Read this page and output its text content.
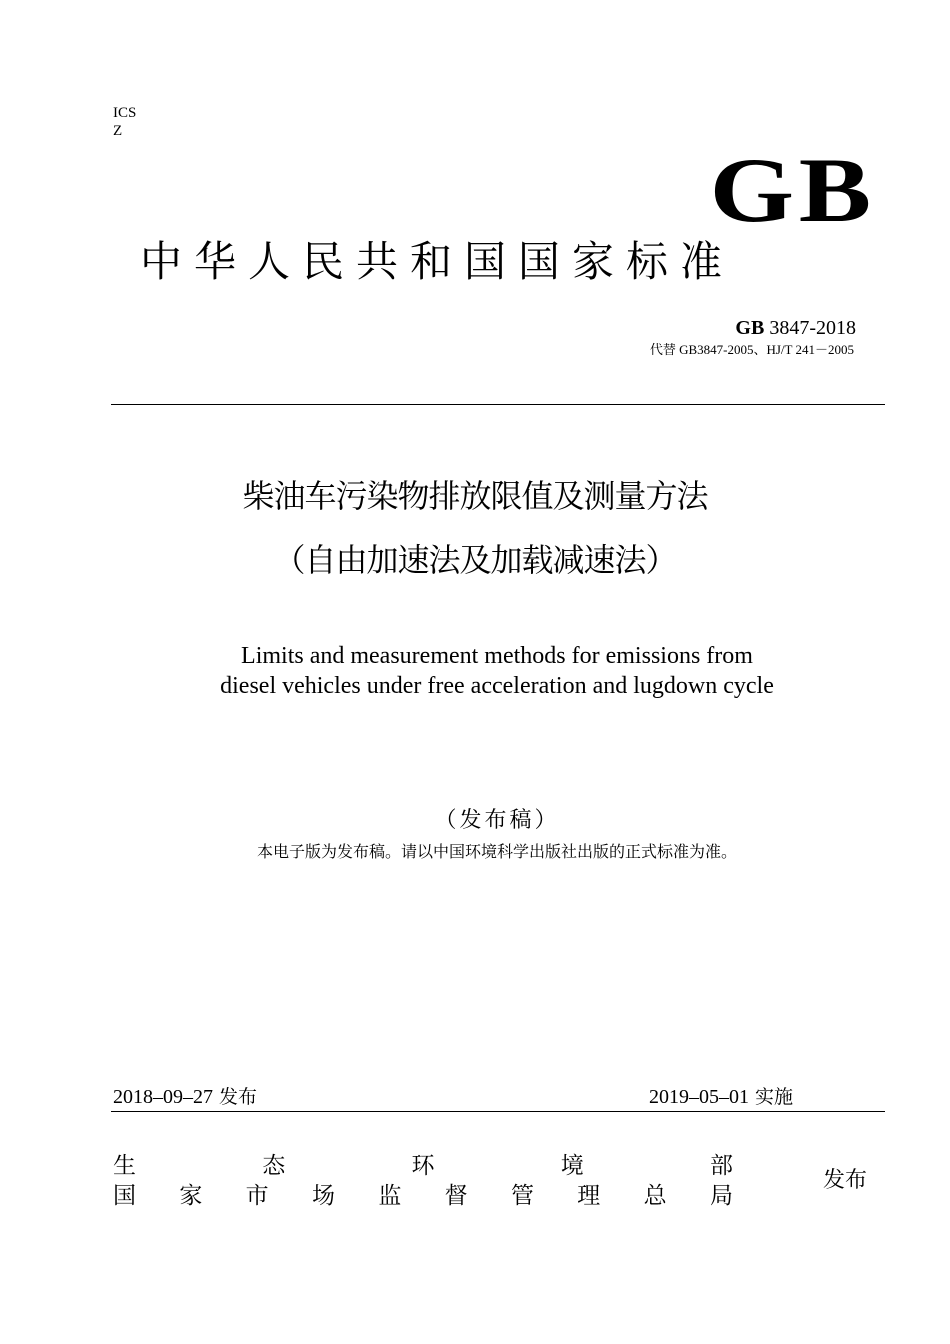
ICS
Z
GB
中华人民共和国国家标准
GB 3847-2018
代替 GB3847-2005、HJ/T 241－2005
柴油车污染物排放限值及测量方法
（自由加速法及加载减速法）
Limits and measurement methods for emissions from
diesel vehicles under free acceleration and lugdown cycle
（发布稿）
本电子版为发布稿。请以中国环境科学出版社出版的正式标准为准。
2018–09–27 发布	2019–05–01 实施
生	态	环	境	部
国 家 市 场 监 督 管 理 总 局
发布
